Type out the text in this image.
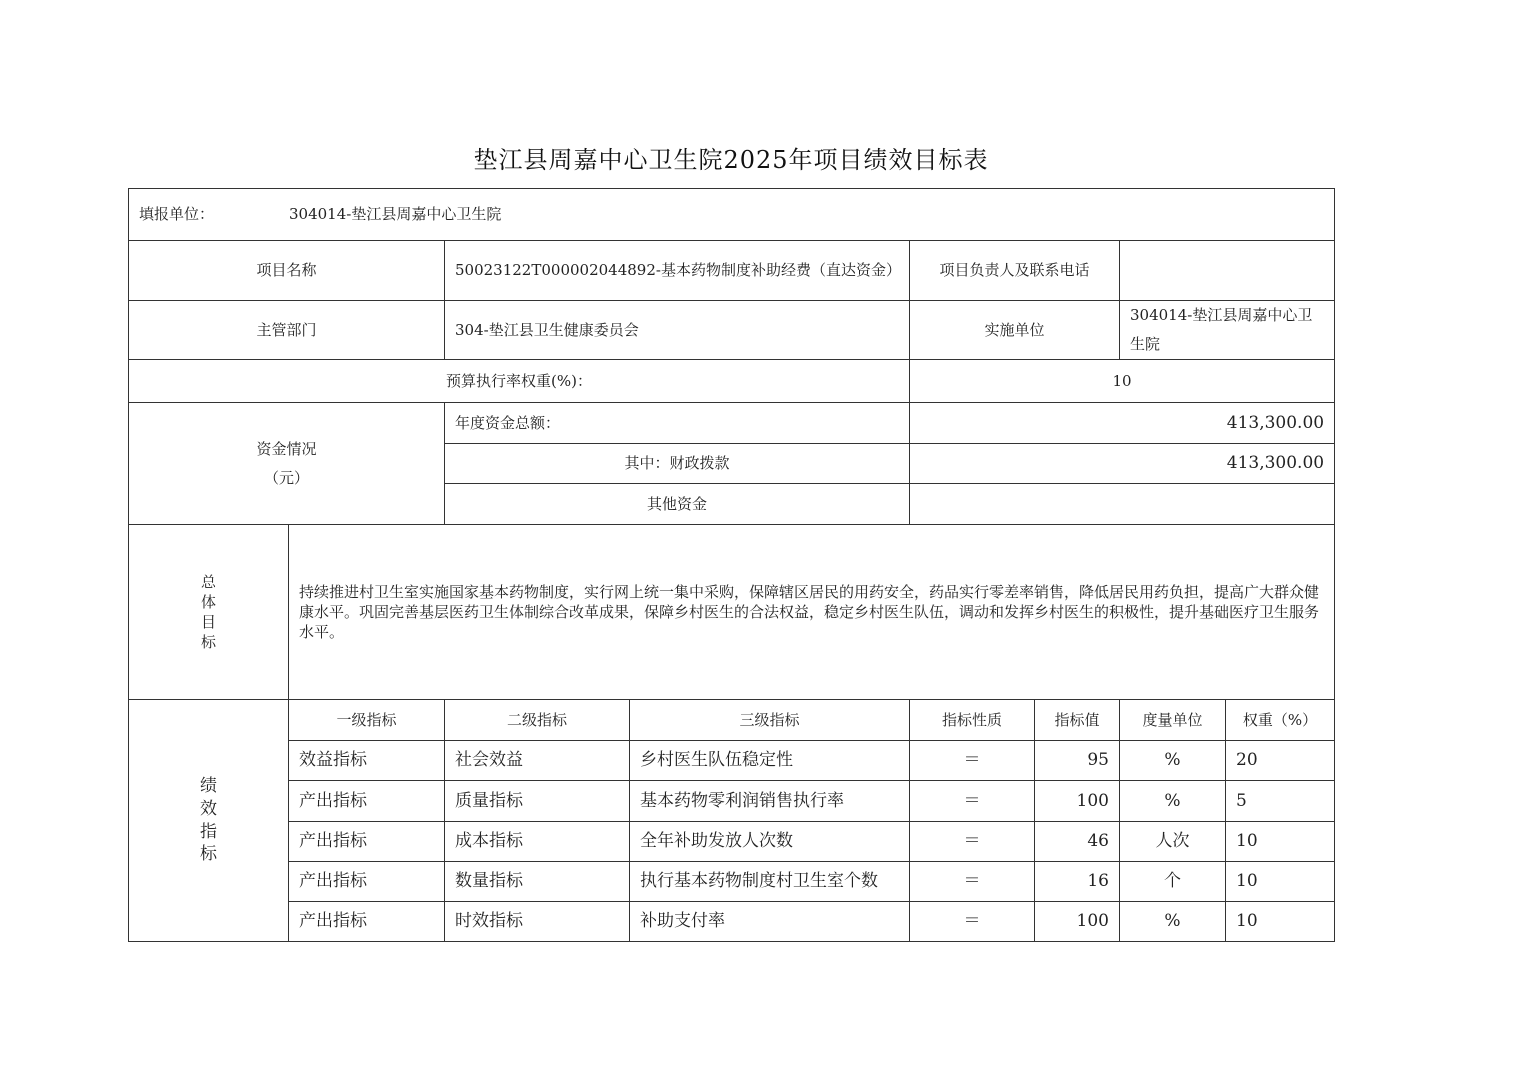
垫江县周嘉中心卫生院2025年项目绩效目标表
填报单位： 304014-垫江县周嘉中心卫生院							
项目名称		50023122T000002044892-基本药物制度补助经费（直达资金）		项目负责人及联系电话			
主管部门		304-垫江县卫生健康委员会		实施单位		304014-垫江县周嘉中心卫生院	
预算执行率权重(%)：				10			

资金情况
（元）		年度资金总额：		413,300.00			
		其中：财政拨款		413,300.00			
		其他资金					

总
体
目
标	持续推进村卫生室实施国家基本药物制度，实行网上统一集中采购，保障辖区居民的用药安全，药品实行零差率销售，降低居民用药负担，提高广大群众健康水平。巩固完善基层医药卫生体制综合改革成果，保障乡村医生的合法权益，稳定乡村医生队伍，调动和发挥乡村医生的积极性，提升基础医疗卫生服务水平。						

绩
效
指
标	一级指标	二级指标	三级指标	指标性质	指标值	度量单位	权重（%）
	效益指标	社会效益	乡村医生队伍稳定性	＝	95	%	20
	产出指标	质量指标	基本药物零利润销售执行率	＝	100	%	5
	产出指标	成本指标	全年补助发放人次数	＝	46	人次	10
	产出指标	数量指标	执行基本药物制度村卫生室个数	＝	16	个	10
	产出指标	时效指标	补助支付率	＝	100	%	10
